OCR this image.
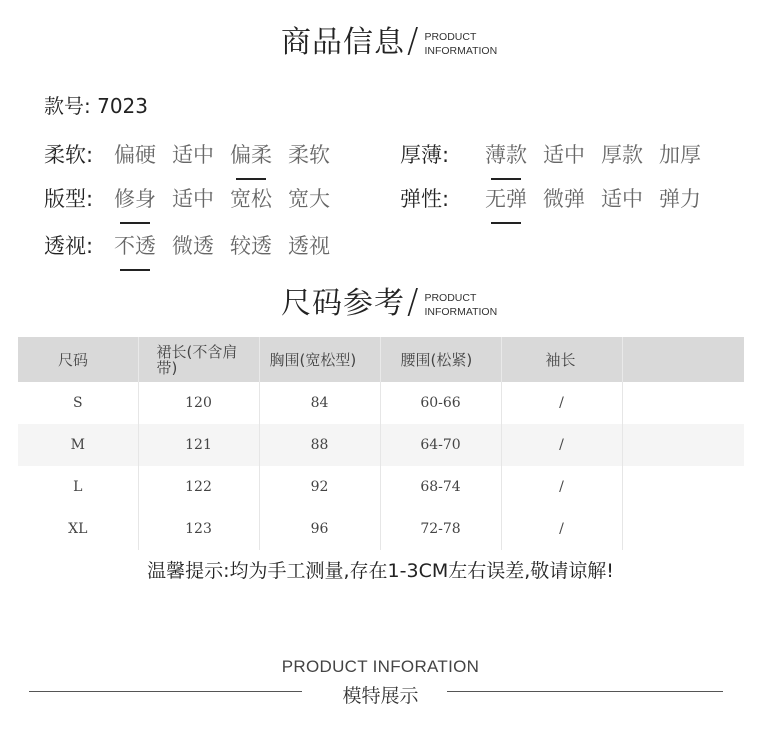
商品信息 / PRODUCT
INFORMATION
款号: 7023
柔软: 偏硬 适中 偏柔 柔软	厚薄:	薄款 适中 厚款 加厚
版型: 修身 适中 宽松 宽大	弹性:	无弹 微弹 适中 弹力
透视: 不透 微透 较透 透视
尺码参考 / PRODUCT
INFORMATION
尺码	裙长(不含肩带)	胸围(宽松型)	腰围(松紧)	袖长	
S	120	84	60-66	/	
M	121	88	64-70	/	
L	122	92	68-74	/	
XL	123	96	72-78	/	
温馨提示:均为手工测量,存在1-3CM左右误差,敬请谅解!
PRODUCT INFORATION
模特展示
